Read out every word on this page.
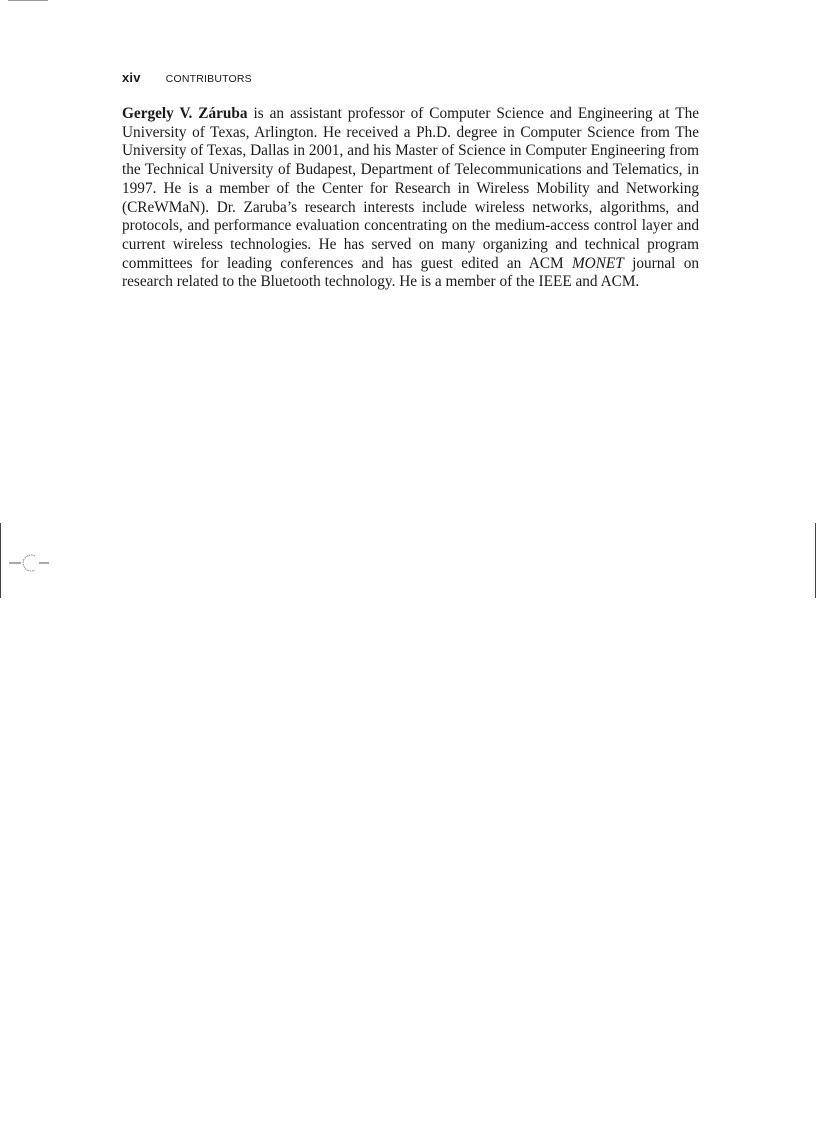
xiv CONTRIBUTORS

Gergely V. Záruba is an assistant professor of Computer Science and Engineering at The University of Texas, Arlington. He received a Ph.D. degree in Computer Science from The University of Texas, Dallas in 2001, and his Master of Science in Computer Engineering from the Technical University of Budapest, Department of Telecommunications and Telematics, in 1997. He is a member of the Center for Research in Wireless Mobility and Networking (CReWMaN). Dr. Zaruba’s research interests include wireless networks, algorithms, and protocols, and performance evaluation concentrating on the medium-access control layer and current wireless technologies. He has served on many organizing and technical program committees for leading conferences and has guest edited an ACM MONET journal on research related to the Bluetooth technology. He is a member of the IEEE and ACM.
